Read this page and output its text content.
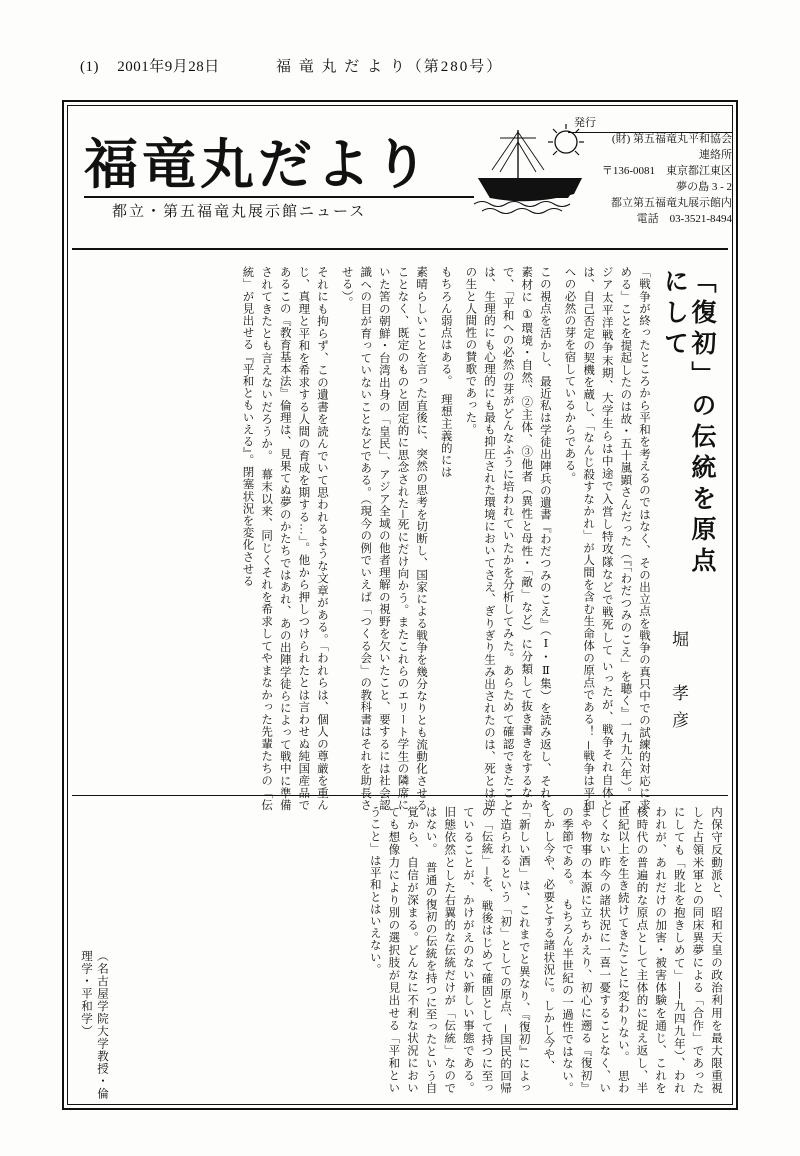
(1) 2001年9月28日	福 竜 丸 だ よ り（第280号）
福竜丸だより
都立・第五福竜丸展示館ニュース
発行
(財) 第五福竜丸平和協会
連絡所
〒136-0081　東京都江東区
夢の島 3 - 2
都立第五福竜丸展示館内
電話　03-3521-8494
「復初」の伝統を原点にして
堀　孝彦
「戦争が終ったところから平和を考えるのではなく、その出立点を戦争の真只中での試練的対応に求める」ことを提起したのは故・五十嵐顕さんだった（『「わだつみのこえ」を聴く』一九九六年）。アジア太平洋戦争末期、大学生らは中途で入営し特攻隊などで戦死して いったが、戦争それ自体とは、自己否定の契機を蔵し、「なんじ殺すなかれ」が人間を含む生命体の原点である！ ─戦争は平和への必然の芽を宿しているからである。
この視点を活かし、最近私は学徒出陣兵の遺書『わだつみのこえ』（Ⅰ・Ⅱ集）を読み返し、それを素材に ①環境・自然、②主体、③他者（異性と母性・「敵」など）に分類して抜き書きをするなかで、「平和への必然の芽がどんなふうに培われていたかを分析してみた。あらためて確認できたことは、生理的にも心理的にも最も抑圧された環境においてさえ、ぎりぎり生み出されたのは、死とは逆の生と人間性の賛歌であった。
もちろん弱点はある。　理想主義的には
素晴らしいことを言った直後に、突然の思考を切断し、国家による戦争を幾分なりとも流動化させることなく、既定のものと固定的に思念された─死にだけ向かう。またこれらのエリート学生の隣席にいた筈の朝鮮・台湾出身の「皇民」、アジア全域の他者理解の視野を欠いたこと、要するには社会認識への目が育っていないことなどである。（現今の例でいえば「つくる会」の教科書はそれを助長させる）。
それにも拘らず、この遺書を読んでいて思われるような文章がある。「われらは、個人の尊厳を重んじ、真理と平和を希求する人間の育成を期する…」。他から押しつけられたとは言わせぬ純国産品であるこの『教育基本法』倫理は、見果てぬ夢のかたちではあれ、あの出陣学徒らによって戦中に準備されてきたとも言えないだろうか。　幕末以来、同じくそれを希求してやまなかった先輩たちの「伝統」が見出せる『平和ともいえる』。閉塞状況を変化させる
内保守反動派と、昭和天皇の政治利用を最大限重視した占領米軍との同床異夢による「合作」であったにしても「敗北を抱きしめて」──九四九年）、われわれが、あれだけの加害・被害体験を通じ、これを核時代の普遍的な原点として主体的に捉え返し、半世紀以上を生き続けてきたことに変わりない。　思わしくない昨今の諸状況に一喜一憂することなく、いまや物事の本源に立ちかえり、初心に遡る『復初』の季節である。　もちろん半世紀の一過性ではない。しかし今や、必要とする諸状況に。しかし今や、
「新しい酒」は、これまでと異なり、『復初』によって造られるという「初」としての原点、─国民的回帰の「伝統」─を、戦後はじめて確固として持つに至っていることが、かけがえのない新しい事態である。旧態依然とした右翼的な伝統だけが「伝統」なのではない。　普通の復初の伝統を持つに至ったという自覚から、自信が深まる。どんなに不利な状況においても想像力により別の選択肢が見出せる「平和ということ」は平和とはいえない。
（名古屋学院大学教授・倫理学・平和学）
